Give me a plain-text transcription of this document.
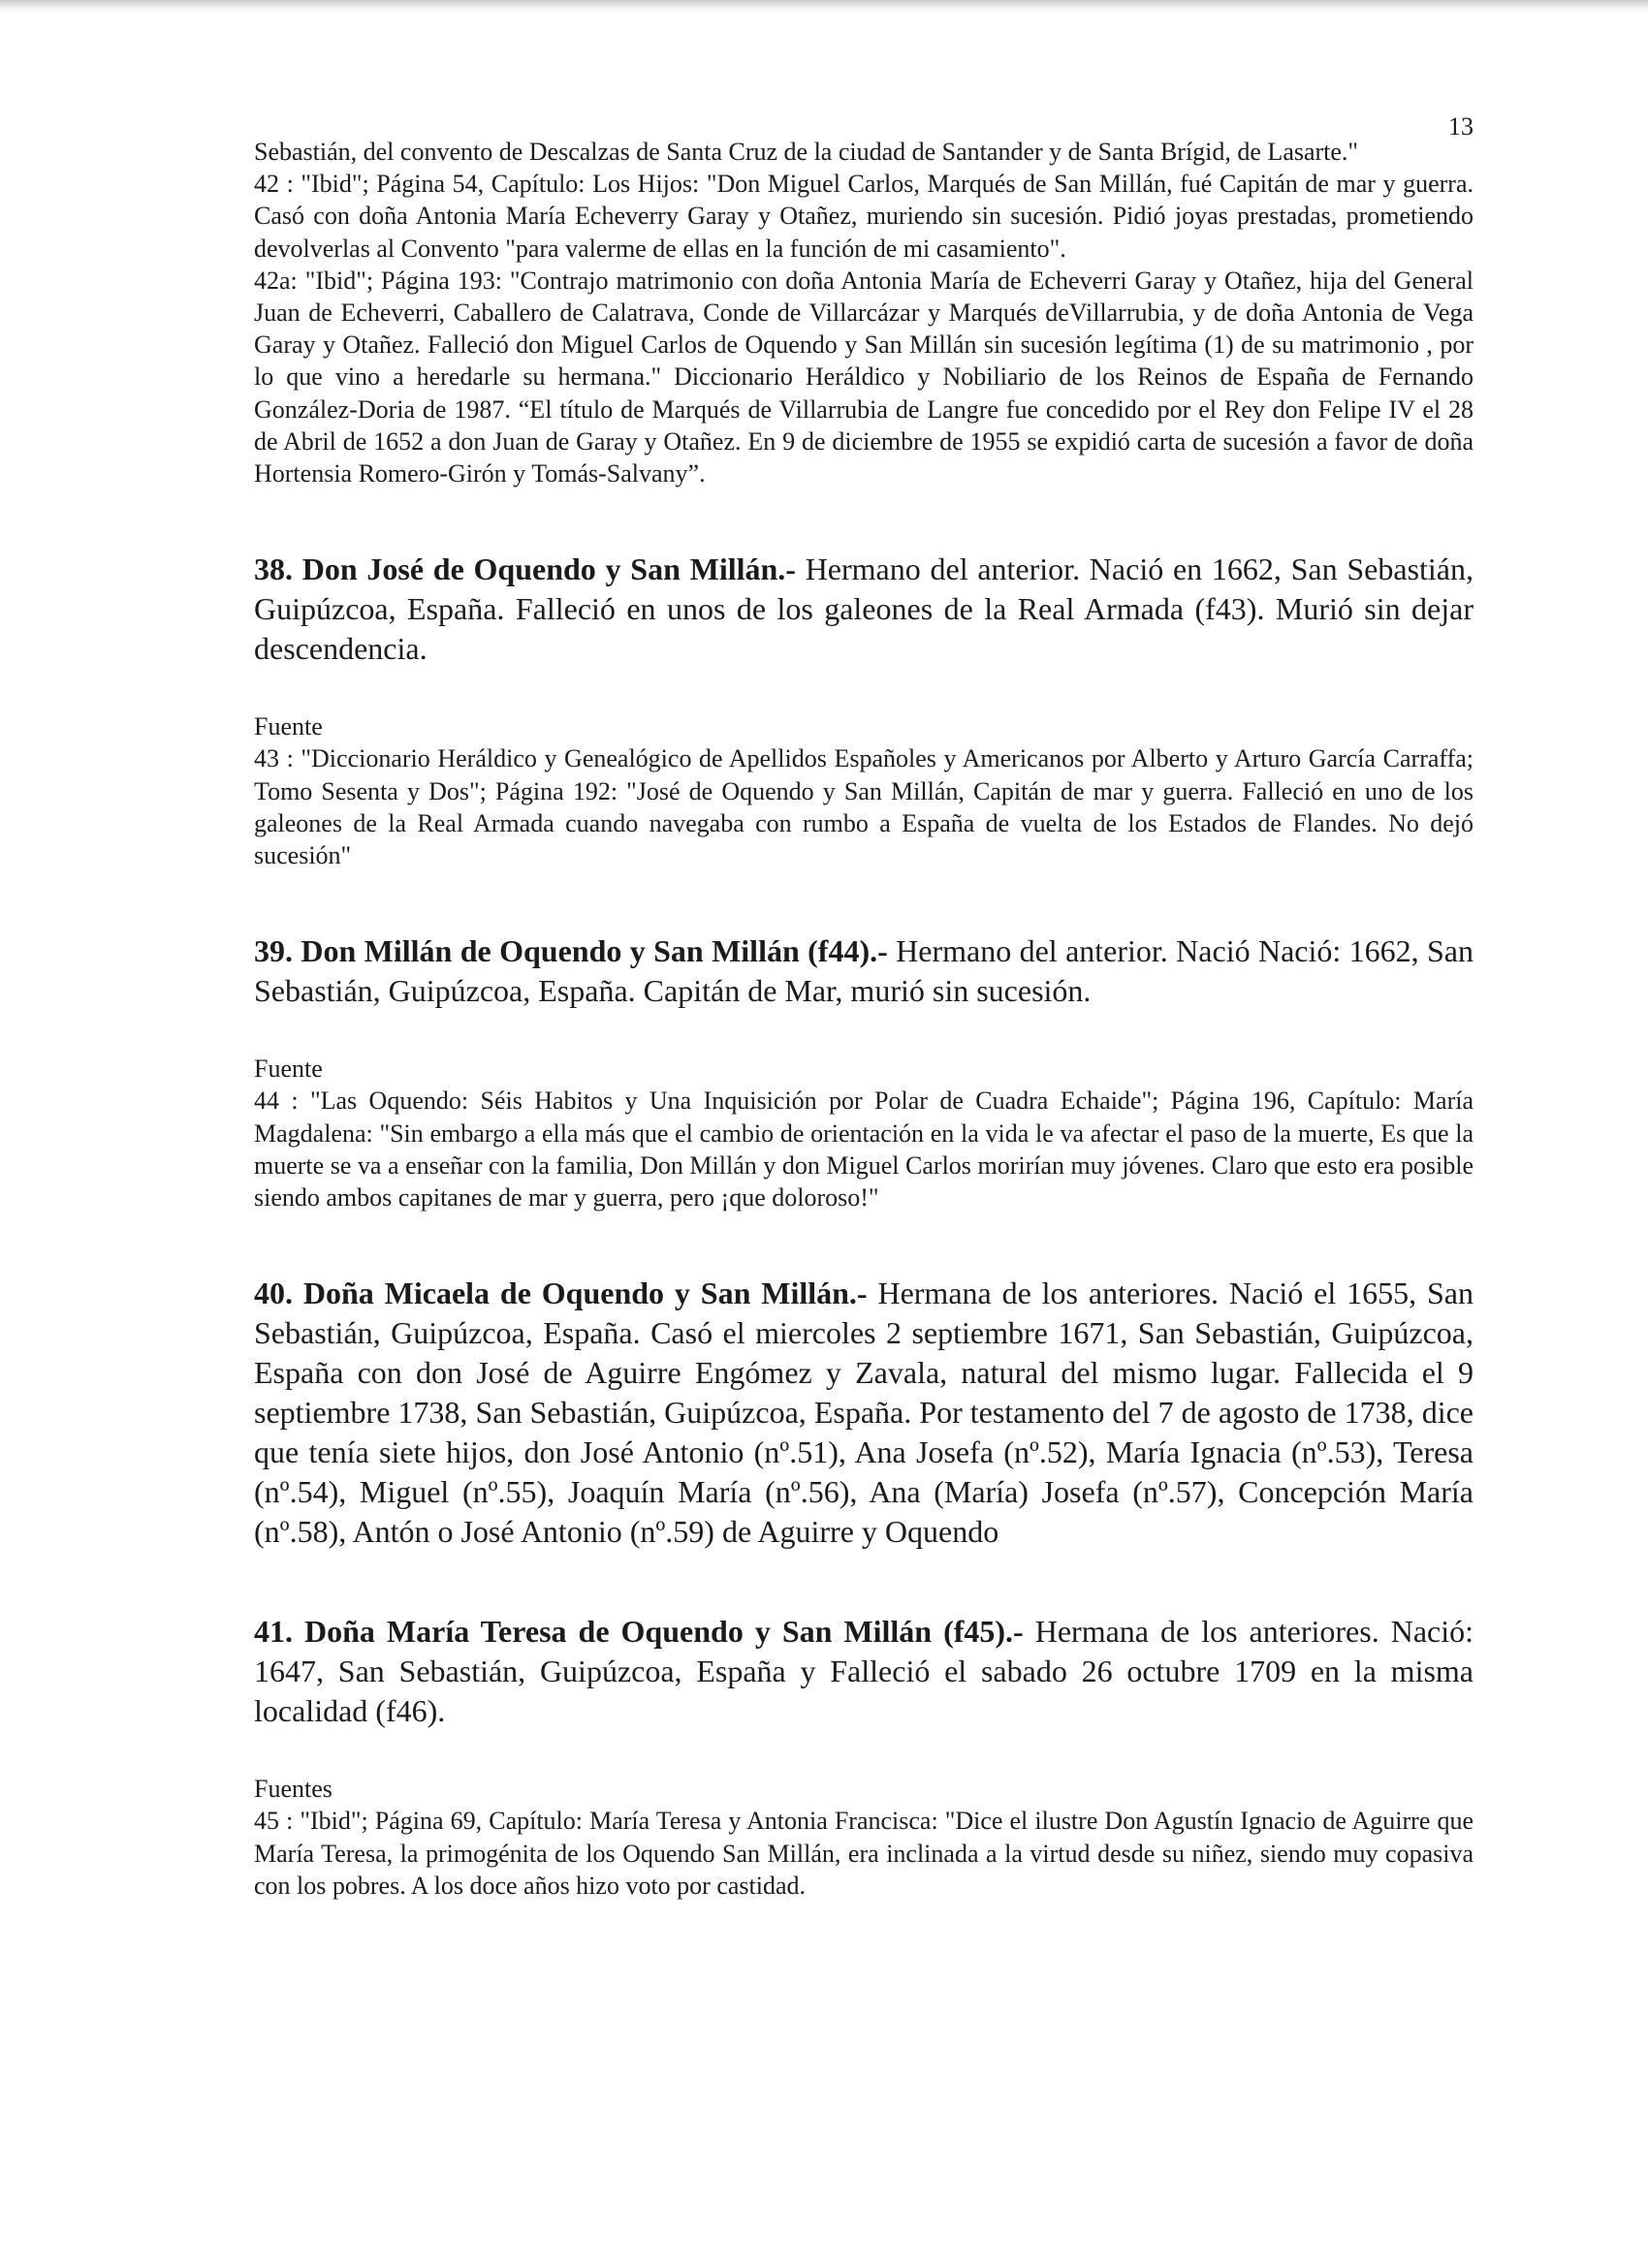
13

Sebastián, del convento de Descalzas de Santa Cruz de la ciudad de Santander y de Santa Brígid, de Lasarte."

42 : "Ibid"; Página 54, Capítulo: Los Hijos: "Don Miguel Carlos, Marqués de San Millán, fué Capitán de mar y guerra. Casó con doña Antonia María Echeverry Garay y Otañez, muriendo sin sucesión. Pidió joyas prestadas, prometiendo devolverlas al Convento "para valerme de ellas en la función de mi casamiento".

42a: "Ibid"; Página 193: "Contrajo matrimonio con doña Antonia María de Echeverri Garay y Otañez, hija del General Juan de Echeverri, Caballero de Calatrava, Conde de Villarcázar y Marqués deVillarrubia, y de doña Antonia de Vega Garay y Otañez. Falleció don Miguel Carlos de Oquendo y San Millán sin sucesión legítima (1) de su matrimonio , por lo que vino a heredarle su hermana." Diccionario Heráldico y Nobiliario de los Reinos de España de Fernando González-Doria de 1987. “El título de Marqués de Villarrubia de Langre fue concedido por el Rey don Felipe IV el 28 de Abril de 1652 a don Juan de Garay y Otañez. En 9 de diciembre de 1955 se expidió carta de sucesión a favor de doña Hortensia Romero-Girón y Tomás-Salvany”.

38. Don José de Oquendo y San Millán.- Hermano del anterior. Nació en 1662, San Sebastián, Guipúzcoa, España. Falleció en unos de los galeones de la Real Armada (f43). Murió sin dejar descendencia.

Fuente

43 : "Diccionario Heráldico y Genealógico de Apellidos Españoles y Americanos por Alberto y Arturo García Carraffa; Tomo Sesenta y Dos"; Página 192: "José de Oquendo y San Millán, Capitán de mar y guerra. Falleció en uno de los galeones de la Real Armada cuando navegaba con rumbo a España de vuelta de los Estados de Flandes. No dejó sucesión"

39. Don Millán de Oquendo y San Millán (f44).- Hermano del anterior. Nació Nació: 1662, San Sebastián, Guipúzcoa, España. Capitán de Mar, murió sin sucesión.

Fuente

44 : "Las Oquendo: Séis Habitos y Una Inquisición por Polar de Cuadra Echaide"; Página 196, Capítulo: María Magdalena: "Sin embargo a ella más que el cambio de orientación en la vida le va afectar el paso de la muerte, Es que la muerte se va a enseñar con la familia, Don Millán y don Miguel Carlos morirían muy jóvenes. Claro que esto era posible siendo ambos capitanes de mar y guerra, pero ¡que doloroso!"

40. Doña Micaela de Oquendo y San Millán.- Hermana de los anteriores. Nació el 1655, San Sebastián, Guipúzcoa, España. Casó el miercoles 2 septiembre 1671, San Sebastián, Guipúzcoa, España con don José de Aguirre Engómez y Zavala, natural del mismo lugar. Fallecida el 9 septiembre 1738, San Sebastián, Guipúzcoa, España. Por testamento del 7 de agosto de 1738, dice que tenía siete hijos, don José Antonio (nº.51), Ana Josefa (nº.52), María Ignacia (nº.53), Teresa (nº.54), Miguel (nº.55), Joaquín María (nº.56), Ana (María) Josefa (nº.57), Concepción María (nº.58), Antón o José Antonio (nº.59) de Aguirre y Oquendo

41. Doña María Teresa de Oquendo y San Millán (f45).- Hermana de los anteriores. Nació: 1647, San Sebastián, Guipúzcoa, España y Falleció el sabado 26 octubre 1709 en la misma localidad (f46).

Fuentes

45 : "Ibid"; Página 69, Capítulo: María Teresa y Antonia Francisca: "Dice el ilustre Don Agustín Ignacio de Aguirre que María Teresa, la primogénita de los Oquendo San Millán, era inclinada a la virtud desde su niñez, siendo muy copasiva con los pobres. A los doce años hizo voto por castidad.
